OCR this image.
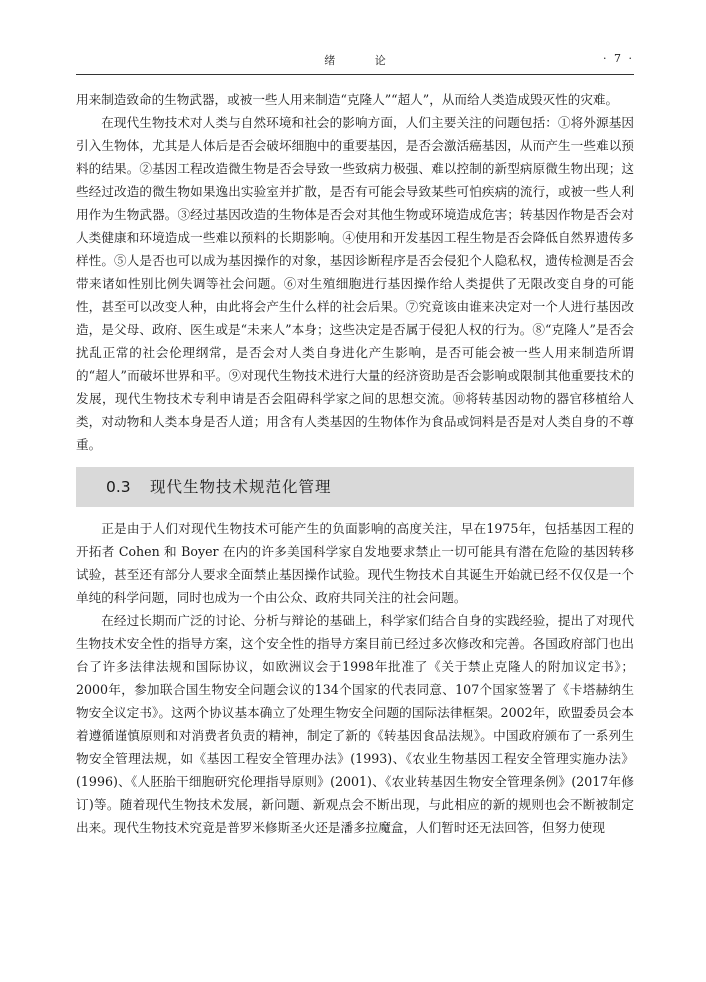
绪 论	· 7 ·

用来制造致命的生物武器，或被一些人用来制造“克隆人”“超人”，从而给人类造成毁灭性的灾难。

在现代生物技术对人类与自然环境和社会的影响方面，人们主要关注的问题包括：①将外源基因引入生物体，尤其是人体后是否会破坏细胞中的重要基因，是否会激活癌基因，从而产生一些难以预料的结果。②基因工程改造微生物是否会导致一些致病力极强、难以控制的新型病原微生物出现；这些经过改造的微生物如果逸出实验室并扩散，是否有可能会导致某些可怕疾病的流行，或被一些人利用作为生物武器。③经过基因改造的生物体是否会对其他生物或环境造成危害；转基因作物是否会对人类健康和环境造成一些难以预料的长期影响。④使用和开发基因工程生物是否会降低自然界遗传多样性。⑤人是否也可以成为基因操作的对象，基因诊断程序是否会侵犯个人隐私权，遗传检测是否会带来诸如性别比例失调等社会问题。⑥对生殖细胞进行基因操作给人类提供了无限改变自身的可能性，甚至可以改变人种，由此将会产生什么样的社会后果。⑦究竟该由谁来决定对一个人进行基因改造，是父母、政府、医生或是“未来人”本身；这些决定是否属于侵犯人权的行为。⑧“克隆人”是否会扰乱正常的社会伦理纲常，是否会对人类自身进化产生影响，是否可能会被一些人用来制造所谓的“超人”而破坏世界和平。⑨对现代生物技术进行大量的经济资助是否会影响或限制其他重要技术的发展，现代生物技术专利申请是否会阻碍科学家之间的思想交流。⑩将转基因动物的器官移植给人类，对动物和人类本身是否人道；用含有人类基因的生物体作为食品或饲料是否是对人类自身的不尊重。

0.3	现代生物技术规范化管理

正是由于人们对现代生物技术可能产生的负面影响的高度关注，早在1975年，包括基因工程的开拓者 Cohen 和 Boyer 在内的许多美国科学家自发地要求禁止一切可能具有潜在危险的基因转移试验，甚至还有部分人要求全面禁止基因操作试验。现代生物技术自其诞生开始就已经不仅仅是一个单纯的科学问题，同时也成为一个由公众、政府共同关注的社会问题。

在经过长期而广泛的讨论、分析与辩论的基础上，科学家们结合自身的实践经验，提出了对现代生物技术安全性的指导方案，这个安全性的指导方案目前已经过多次修改和完善。各国政府部门也出台了许多法律法规和国际协议，如欧洲议会于1998年批准了《关于禁止克隆人的附加议定书》；2000年，参加联合国生物安全问题会议的134个国家的代表同意、107个国家签署了《卡塔赫纳生物安全议定书》。这两个协议基本确立了处理生物安全问题的国际法律框架。2002年，欧盟委员会本着遵循谨慎原则和对消费者负责的精神，制定了新的《转基因食品法规》。中国政府颁布了一系列生物安全管理法规，如《基因工程安全管理办法》(1993)、《农业生物基因工程安全管理实施办法》(1996)、《人胚胎干细胞研究伦理指导原则》(2001)、《农业转基因生物安全管理条例》(2017年修订)等。随着现代生物技术发展，新问题、新观点会不断出现，与此相应的新的规则也会不断被制定出来。现代生物技术究竟是普罗米修斯圣火还是潘多拉魔盒，人们暂时还无法回答，但努力使现
